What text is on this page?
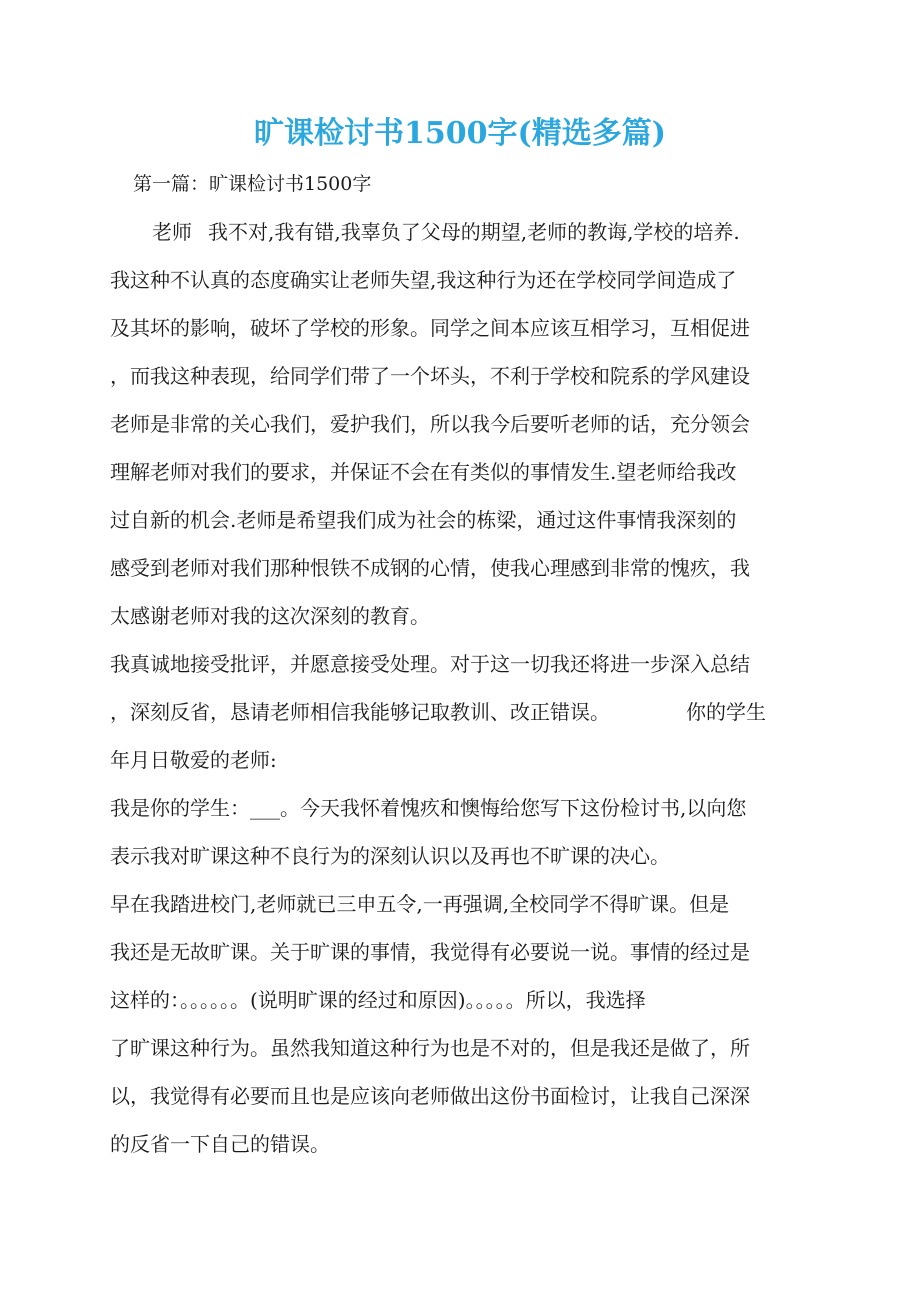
旷课检讨书1500字(精选多篇)
第一篇：旷课检讨书1500字
老师 我不对,我有错,我辜负了父母的期望,老师的教诲,学校的培养.
我这种不认真的态度确实让老师失望,我这种行为还在学校同学间造成了
及其坏的影响，破坏了学校的形象。同学之间本应该互相学习，互相促进
，而我这种表现，给同学们带了一个坏头，不利于学校和院系的学风建设
老师是非常的关心我们，爱护我们，所以我今后要听老师的话，充分领会
理解老师对我们的要求，并保证不会在有类似的事情发生.望老师给我改
过自新的机会.老师是希望我们成为社会的栋梁，通过这件事情我深刻的
感受到老师对我们那种恨铁不成钢的心情，使我心理感到非常的愧疚，我
太感谢老师对我的这次深刻的教育。
我真诚地接受批评，并愿意接受处理。对于这一切我还将进一步深入总结
，深刻反省，恳请老师相信我能够记取教训、改正错误。	你的学生
年月日敬爱的老师:
我是你的学生：___。今天我怀着愧疚和懊悔给您写下这份检讨书,以向您
表示我对旷课这种不良行为的深刻认识以及再也不旷课的决心。
早在我踏进校门,老师就已三申五令,一再强调,全校同学不得旷课。但是
我还是无故旷课。关于旷课的事情，我觉得有必要说一说。事情的经过是
这样的：。。。。。。(说明旷课的经过和原因)。。。。。所以，我选择
了旷课这种行为。虽然我知道这种行为也是不对的，但是我还是做了，所
以，我觉得有必要而且也是应该向老师做出这份书面检讨，让我自己深深
的反省一下自己的错误。
